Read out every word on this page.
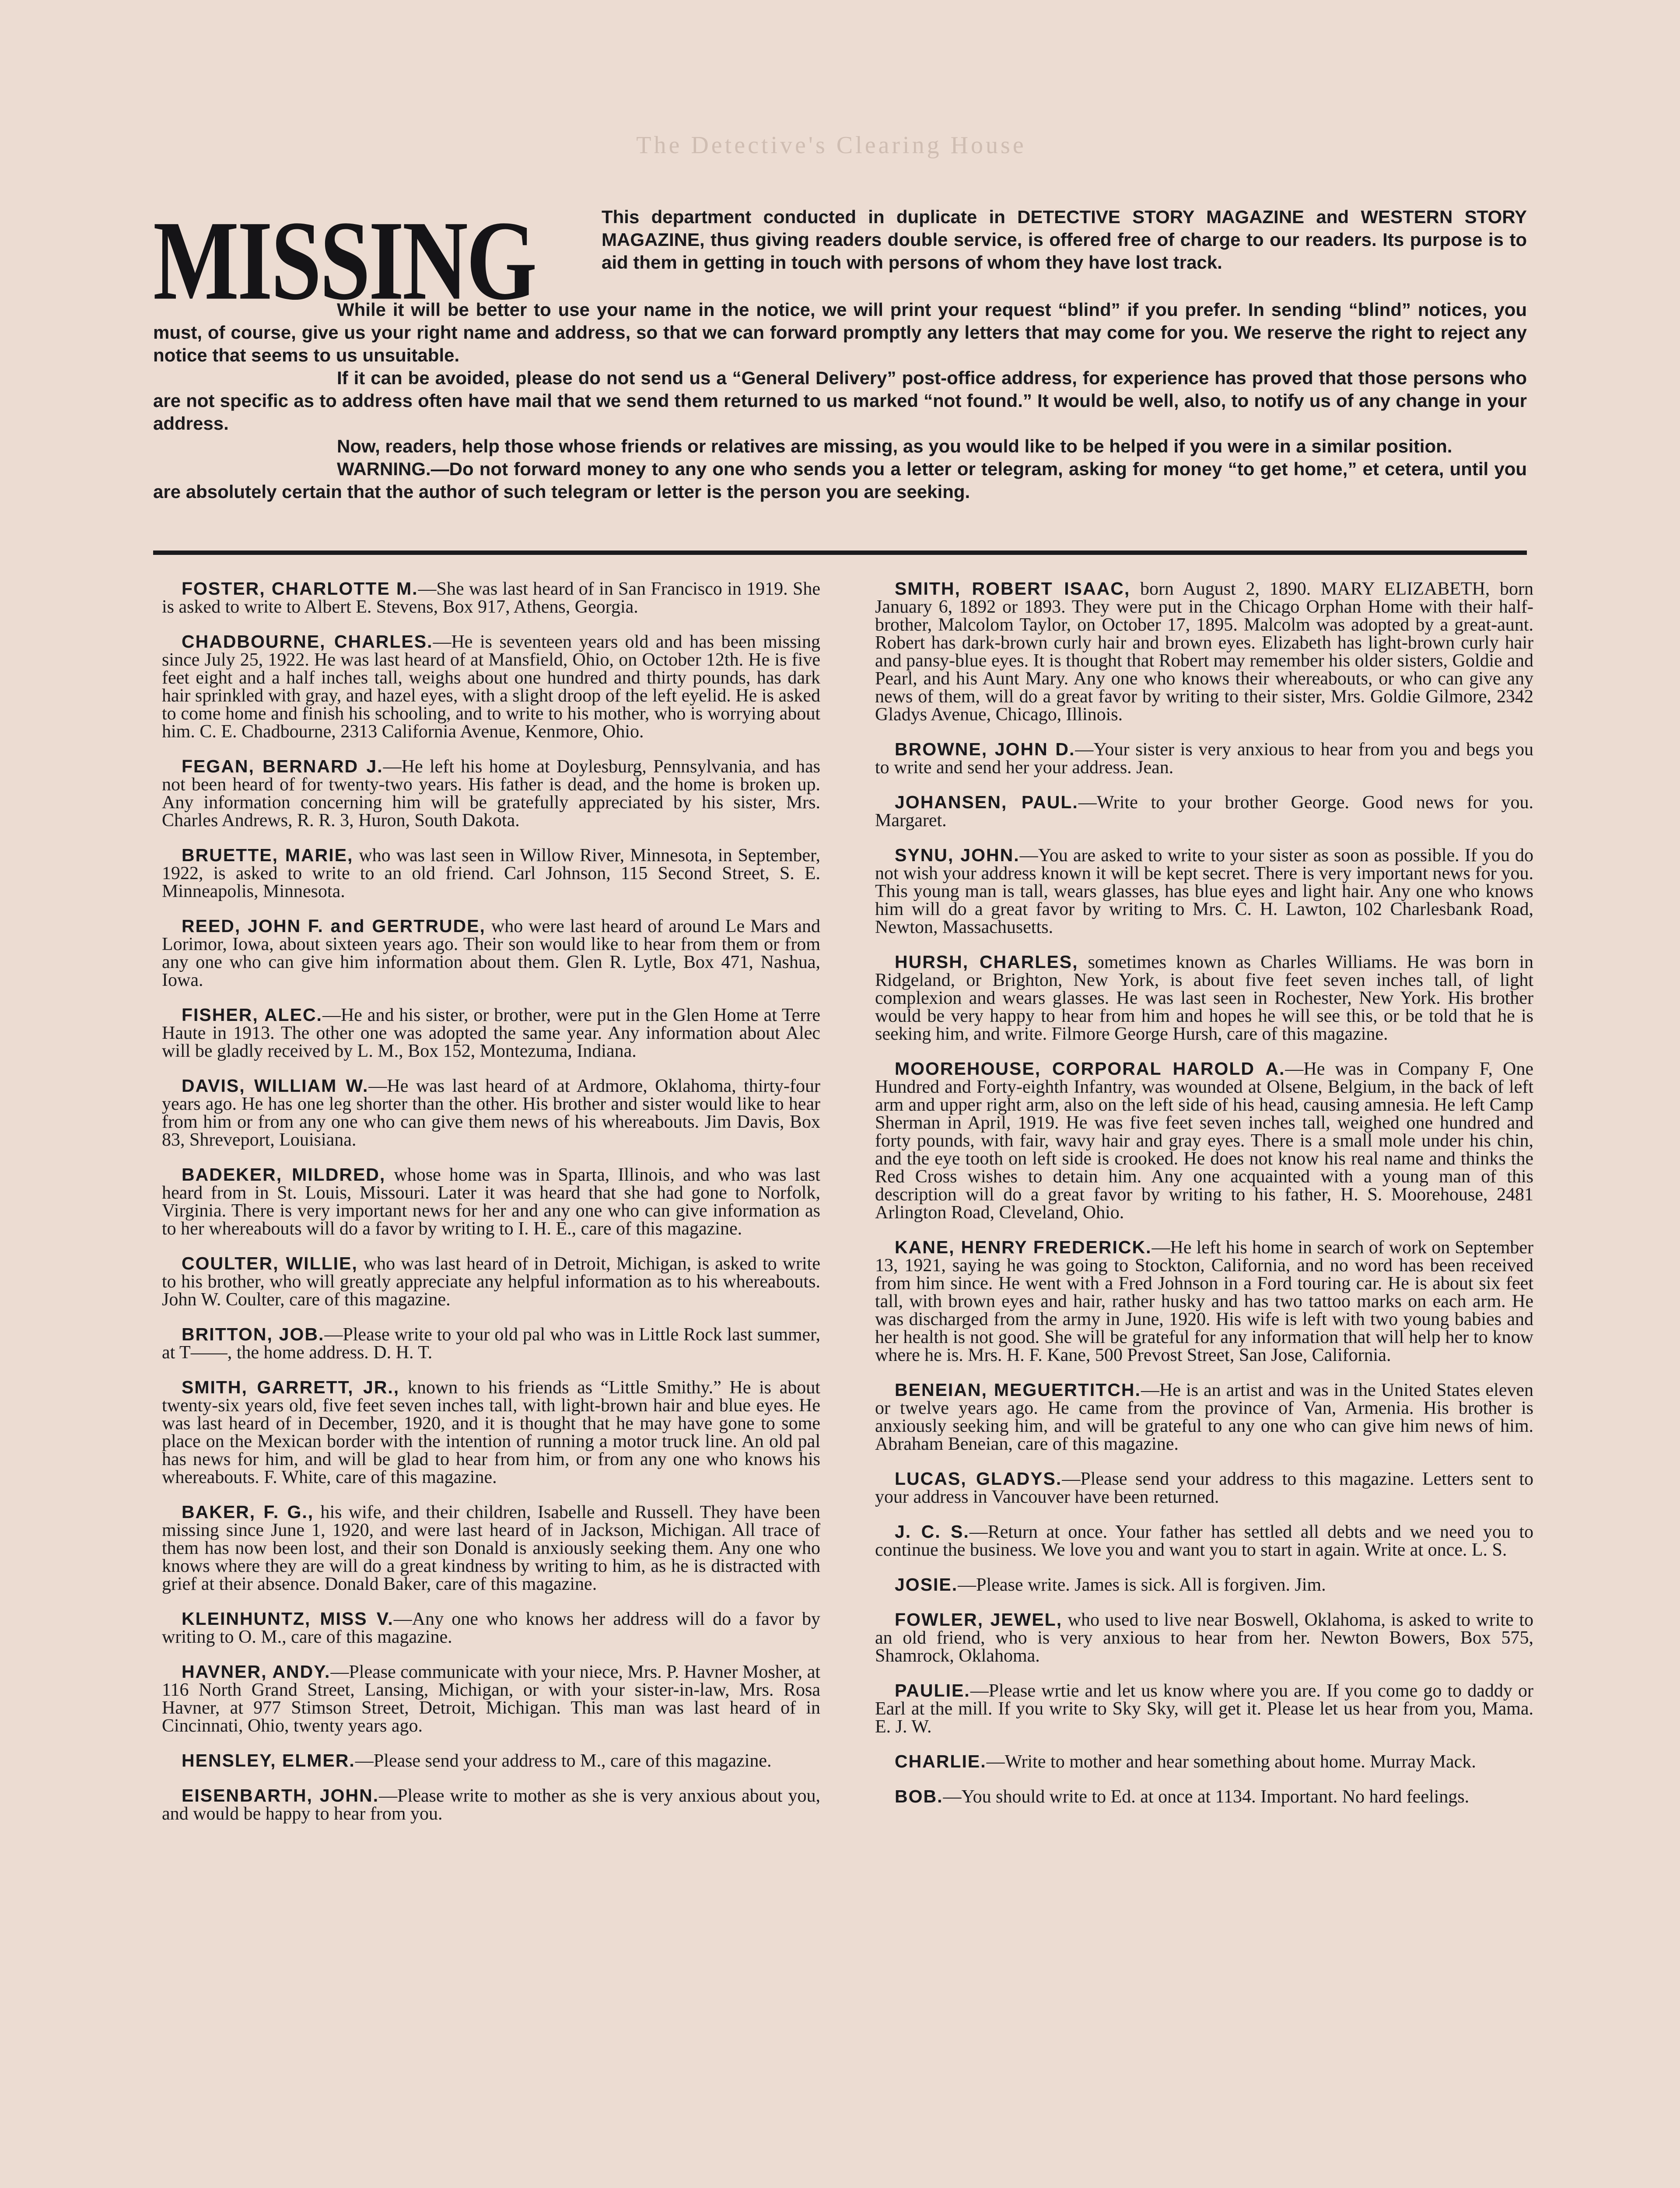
The Detective's Clearing House
MISSING	This department conducted in duplicate in DETECTIVE STORY MAGAZINE and WESTERN STORY MAGAZINE, thus giving readers double service, is offered free of charge to our readers. Its purpose is to aid them in getting in touch with persons of whom they have lost track.

While it will be better to use your name in the notice, we will print your request “blind” if you prefer. In sending “blind” notices, you must, of course, give us your right name and address, so that we can forward promptly any letters that may come for you. We reserve the right to reject any notice that seems to us unsuitable.

If it can be avoided, please do not send us a “General Delivery” post-office address, for experience has proved that those persons who are not specific as to address often have mail that we send them returned to us marked “not found.” It would be well, also, to notify us of any change in your address.

Now, readers, help those whose friends or relatives are missing, as you would like to be helped if you were in a similar position.

WARNING.—Do not forward money to any one who sends you a letter or telegram, asking for money “to get home,” et cetera, until you are absolutely certain that the author of such telegram or letter is the person you are seeking.

FOSTER, CHARLOTTE M.—She was last heard of in San Francisco in 1919. She is asked to write to Albert E. Stevens, Box 917, Athens, Georgia.

CHADBOURNE, CHARLES.—He is seventeen years old and has been missing since July 25, 1922. He was last heard of at Mansfield, Ohio, on October 12th. He is five feet eight and a half inches tall, weighs about one hundred and thirty pounds, has dark hair sprinkled with gray, and hazel eyes, with a slight droop of the left eyelid. He is asked to come home and finish his schooling, and to write to his mother, who is worrying about him. C. E. Chadbourne, 2313 California Avenue, Kenmore, Ohio.

FEGAN, BERNARD J.—He left his home at Doylesburg, Pennsylvania, and has not been heard of for twenty-two years. His father is dead, and the home is broken up. Any information concerning him will be gratefully appreciated by his sister, Mrs. Charles Andrews, R. R. 3, Huron, South Dakota.

BRUETTE, MARIE, who was last seen in Willow River, Minnesota, in September, 1922, is asked to write to an old friend. Carl Johnson, 115 Second Street, S. E. Minneapolis, Minnesota.

REED, JOHN F. and GERTRUDE, who were last heard of around Le Mars and Lorimor, Iowa, about sixteen years ago. Their son would like to hear from them or from any one who can give him information about them. Glen R. Lytle, Box 471, Nashua, Iowa.

FISHER, ALEC.—He and his sister, or brother, were put in the Glen Home at Terre Haute in 1913. The other one was adopted the same year. Any information about Alec will be gladly received by L. M., Box 152, Montezuma, Indiana.

DAVIS, WILLIAM W.—He was last heard of at Ardmore, Oklahoma, thirty-four years ago. He has one leg shorter than the other. His brother and sister would like to hear from him or from any one who can give them news of his whereabouts. Jim Davis, Box 83, Shreveport, Louisiana.

BADEKER, MILDRED, whose home was in Sparta, Illinois, and who was last heard from in St. Louis, Missouri. Later it was heard that she had gone to Norfolk, Virginia. There is very important news for her and any one who can give information as to her whereabouts will do a favor by writing to I. H. E., care of this magazine.

COULTER, WILLIE, who was last heard of in Detroit, Michigan, is asked to write to his brother, who will greatly appreciate any helpful information as to his whereabouts. John W. Coulter, care of this magazine.

BRITTON, JOB.—Please write to your old pal who was in Little Rock last summer, at T——, the home address. D. H. T.

SMITH, GARRETT, JR., known to his friends as “Little Smithy.” He is about twenty-six years old, five feet seven inches tall, with light-brown hair and blue eyes. He was last heard of in December, 1920, and it is thought that he may have gone to some place on the Mexican border with the intention of running a motor truck line. An old pal has news for him, and will be glad to hear from him, or from any one who knows his whereabouts. F. White, care of this magazine.

BAKER, F. G., his wife, and their children, Isabelle and Russell. They have been missing since June 1, 1920, and were last heard of in Jackson, Michigan. All trace of them has now been lost, and their son Donald is anxiously seeking them. Any one who knows where they are will do a great kindness by writing to him, as he is distracted with grief at their absence. Donald Baker, care of this magazine.

KLEINHUNTZ, MISS V.—Any one who knows her address will do a favor by writing to O. M., care of this magazine.

HAVNER, ANDY.—Please communicate with your niece, Mrs. P. Havner Mosher, at 116 North Grand Street, Lansing, Michigan, or with your sister-in-law, Mrs. Rosa Havner, at 977 Stimson Street, Detroit, Michigan. This man was last heard of in Cincinnati, Ohio, twenty years ago.

HENSLEY, ELMER.—Please send your address to M., care of this magazine.

EISENBARTH, JOHN.—Please write to mother as she is very anxious about you, and would be happy to hear from you.

SMITH, ROBERT ISAAC, born August 2, 1890. MARY ELIZABETH, born January 6, 1892 or 1893. They were put in the Chicago Orphan Home with their half-brother, Malcolom Taylor, on October 17, 1895. Malcolm was adopted by a great-aunt. Robert has dark-brown curly hair and brown eyes. Elizabeth has light-brown curly hair and pansy-blue eyes. It is thought that Robert may remember his older sisters, Goldie and Pearl, and his Aunt Mary. Any one who knows their whereabouts, or who can give any news of them, will do a great favor by writing to their sister, Mrs. Goldie Gilmore, 2342 Gladys Avenue, Chicago, Illinois.

BROWNE, JOHN D.—Your sister is very anxious to hear from you and begs you to write and send her your address. Jean.

JOHANSEN, PAUL.—Write to your brother George. Good news for you. Margaret.

SYNU, JOHN.—You are asked to write to your sister as soon as possible. If you do not wish your address known it will be kept secret. There is very important news for you. This young man is tall, wears glasses, has blue eyes and light hair. Any one who knows him will do a great favor by writing to Mrs. C. H. Lawton, 102 Charlesbank Road, Newton, Massachusetts.

HURSH, CHARLES, sometimes known as Charles Williams. He was born in Ridgeland, or Brighton, New York, is about five feet seven inches tall, of light complexion and wears glasses. He was last seen in Rochester, New York. His brother would be very happy to hear from him and hopes he will see this, or be told that he is seeking him, and write. Filmore George Hursh, care of this magazine.

MOOREHOUSE, CORPORAL HAROLD A.—He was in Company F, One Hundred and Forty-eighth Infantry, was wounded at Olsene, Belgium, in the back of left arm and upper right arm, also on the left side of his head, causing amnesia. He left Camp Sherman in April, 1919. He was five feet seven inches tall, weighed one hundred and forty pounds, with fair, wavy hair and gray eyes. There is a small mole under his chin, and the eye tooth on left side is crooked. He does not know his real name and thinks the Red Cross wishes to detain him. Any one acquainted with a young man of this description will do a great favor by writing to his father, H. S. Moorehouse, 2481 Arlington Road, Cleveland, Ohio.

KANE, HENRY FREDERICK.—He left his home in search of work on September 13, 1921, saying he was going to Stockton, California, and no word has been received from him since. He went with a Fred Johnson in a Ford touring car. He is about six feet tall, with brown eyes and hair, rather husky and has two tattoo marks on each arm. He was discharged from the army in June, 1920. His wife is left with two young babies and her health is not good. She will be grateful for any information that will help her to know where he is. Mrs. H. F. Kane, 500 Prevost Street, San Jose, California.

BENEIAN, MEGUERTITCH.—He is an artist and was in the United States eleven or twelve years ago. He came from the province of Van, Armenia. His brother is anxiously seeking him, and will be grateful to any one who can give him news of him. Abraham Beneian, care of this magazine.

LUCAS, GLADYS.—Please send your address to this magazine. Letters sent to your address in Vancouver have been returned.

J. C. S.—Return at once. Your father has settled all debts and we need you to continue the business. We love you and want you to start in again. Write at once. L. S.

JOSIE.—Please write. James is sick. All is forgiven. Jim.

FOWLER, JEWEL, who used to live near Boswell, Oklahoma, is asked to write to an old friend, who is very anxious to hear from her. Newton Bowers, Box 575, Shamrock, Oklahoma.

PAULIE.—Please wrtie and let us know where you are. If you come go to daddy or Earl at the mill. If you write to Sky Sky, will get it. Please let us hear from you, Mama. E. J. W.

CHARLIE.—Write to mother and hear something about home. Murray Mack.

BOB.—You should write to Ed. at once at 1134. Important. No hard feelings.
